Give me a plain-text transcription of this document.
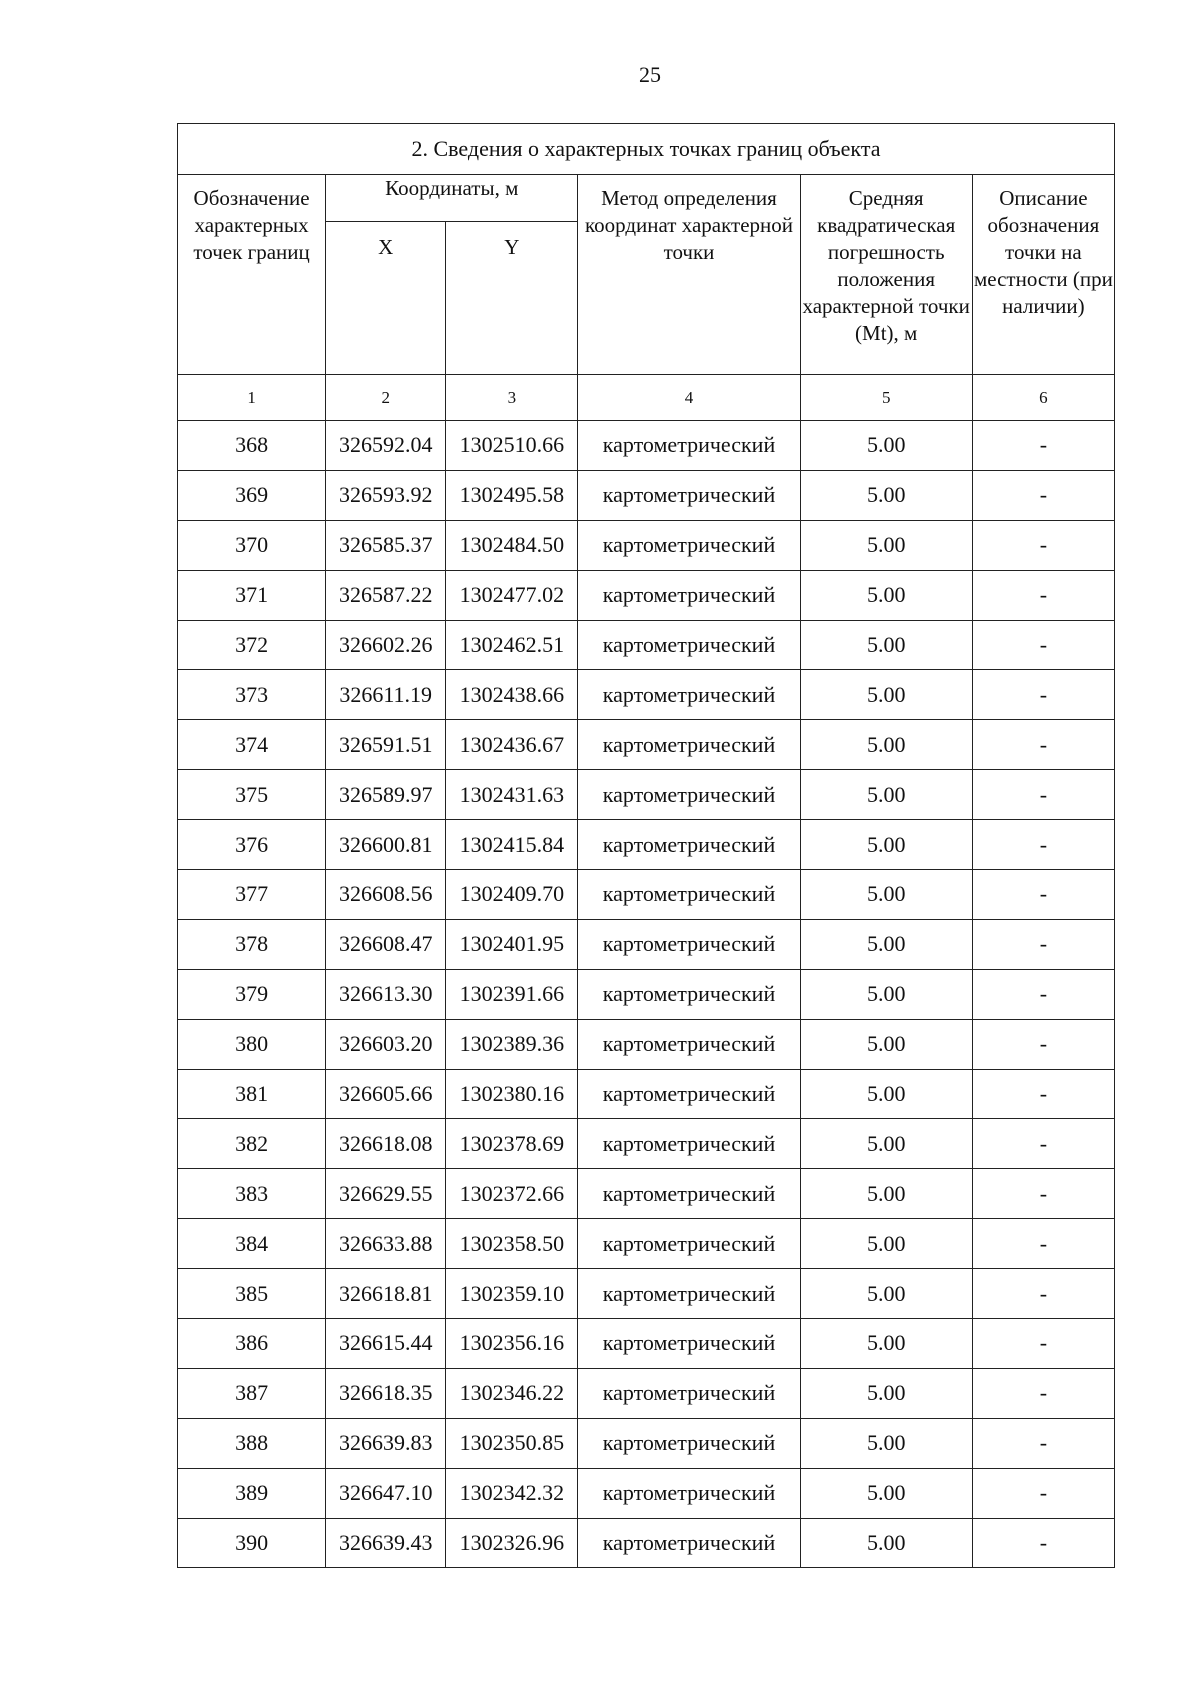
25
2. Сведения о характерных точках границ объекта					
Обозначение характерных точек границ	Координаты, м		Метод определения координат характерной точки	Средняя квадратическая погрешность положения характерной точки (Mt), м	Описание обозначения точки на местности (при наличии)
	X	Y			
1	2	3	4	5	6
368	326592.04	1302510.66	картометрический	5.00	-
369	326593.92	1302495.58	картометрический	5.00	-
370	326585.37	1302484.50	картометрический	5.00	-
371	326587.22	1302477.02	картометрический	5.00	-
372	326602.26	1302462.51	картометрический	5.00	-
373	326611.19	1302438.66	картометрический	5.00	-
374	326591.51	1302436.67	картометрический	5.00	-
375	326589.97	1302431.63	картометрический	5.00	-
376	326600.81	1302415.84	картометрический	5.00	-
377	326608.56	1302409.70	картометрический	5.00	-
378	326608.47	1302401.95	картометрический	5.00	-
379	326613.30	1302391.66	картометрический	5.00	-
380	326603.20	1302389.36	картометрический	5.00	-
381	326605.66	1302380.16	картометрический	5.00	-
382	326618.08	1302378.69	картометрический	5.00	-
383	326629.55	1302372.66	картометрический	5.00	-
384	326633.88	1302358.50	картометрический	5.00	-
385	326618.81	1302359.10	картометрический	5.00	-
386	326615.44	1302356.16	картометрический	5.00	-
387	326618.35	1302346.22	картометрический	5.00	-
388	326639.83	1302350.85	картометрический	5.00	-
389	326647.10	1302342.32	картометрический	5.00	-
390	326639.43	1302326.96	картометрический	5.00	-
